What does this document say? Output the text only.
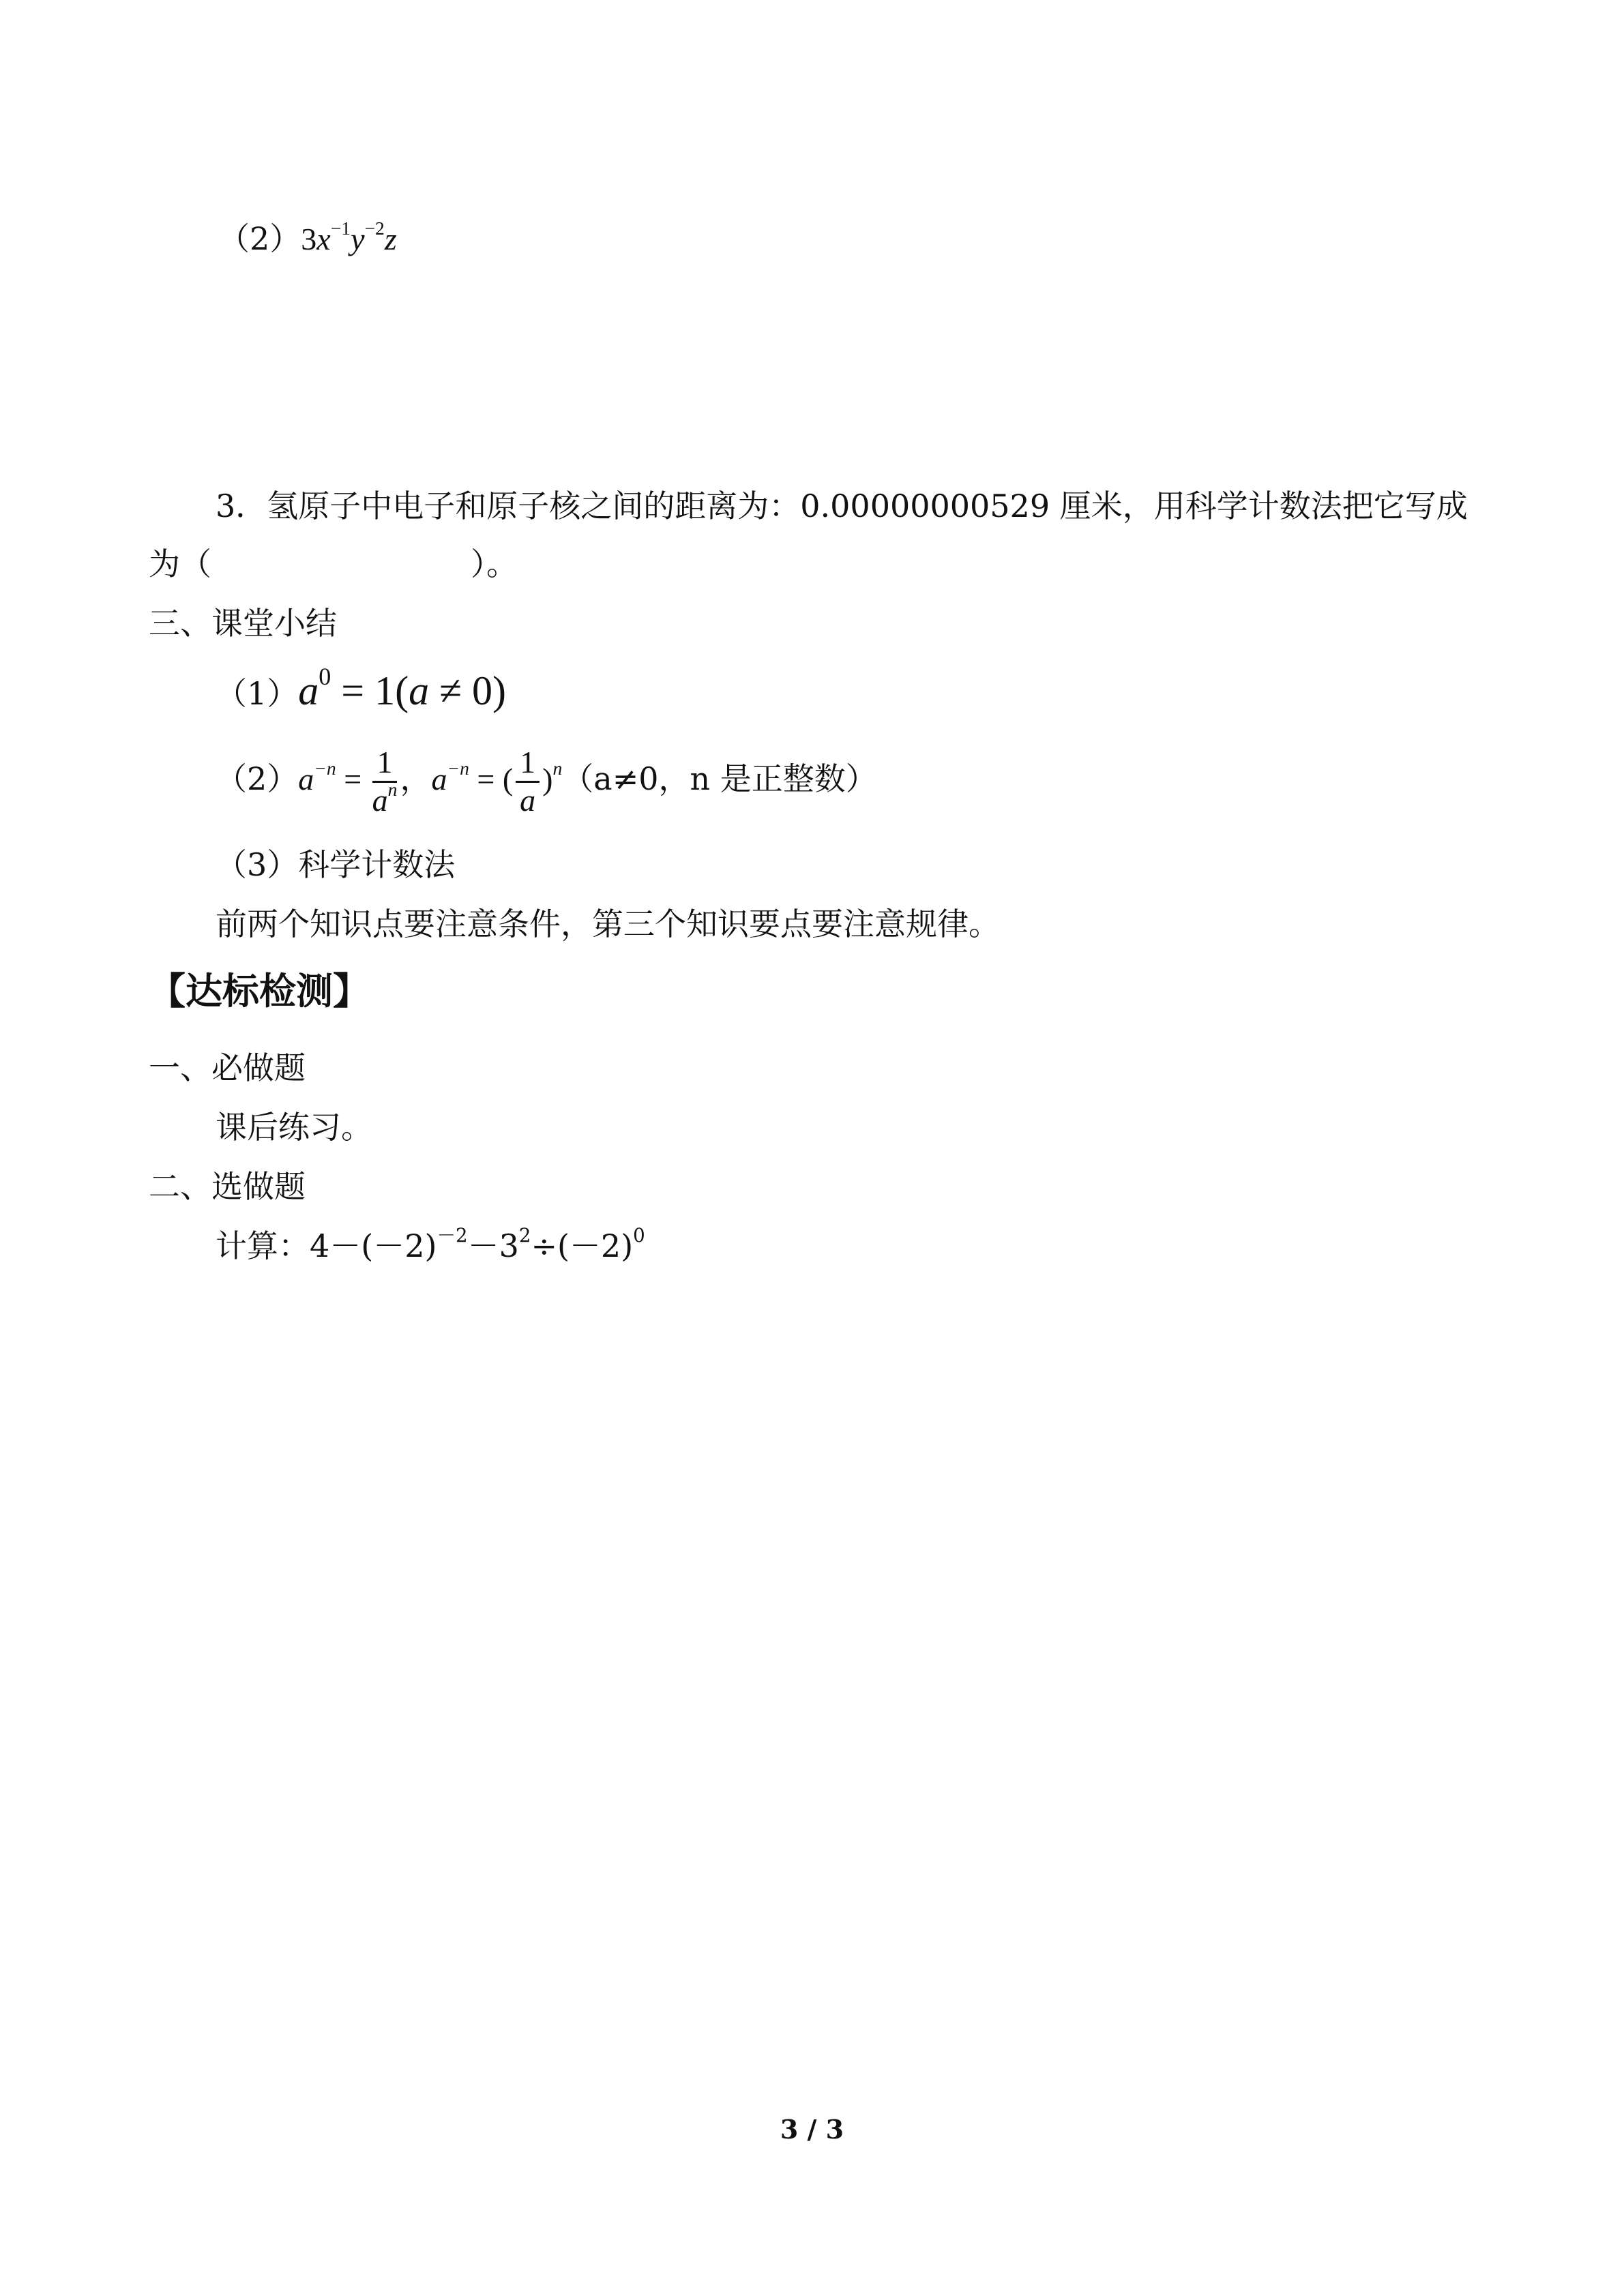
$(2)3x^{-1}y^{-2}z$
3．氢原子中电子和原子核之间的距离为：0.00000000529 厘米，用科学计数法把它写成
为（	）。
三、课堂小结
$(1)a^0 = 1(a \ne 0)$
$(2)a^{-n} = \frac{1}{a^n}$ ，$a^{-n}$ = ( $\frac{1}{a} )^n(a\ne 0$，n 是正整数）
（3）科学计数法
前两个知识点要注意条件，第三个知识要点要注意规律。
【达标检测】
一、必做题
课后练习。
二、选做题
计算：$4-(-2)^{-2}-3^2\div(-2)^0$
3 / 3
